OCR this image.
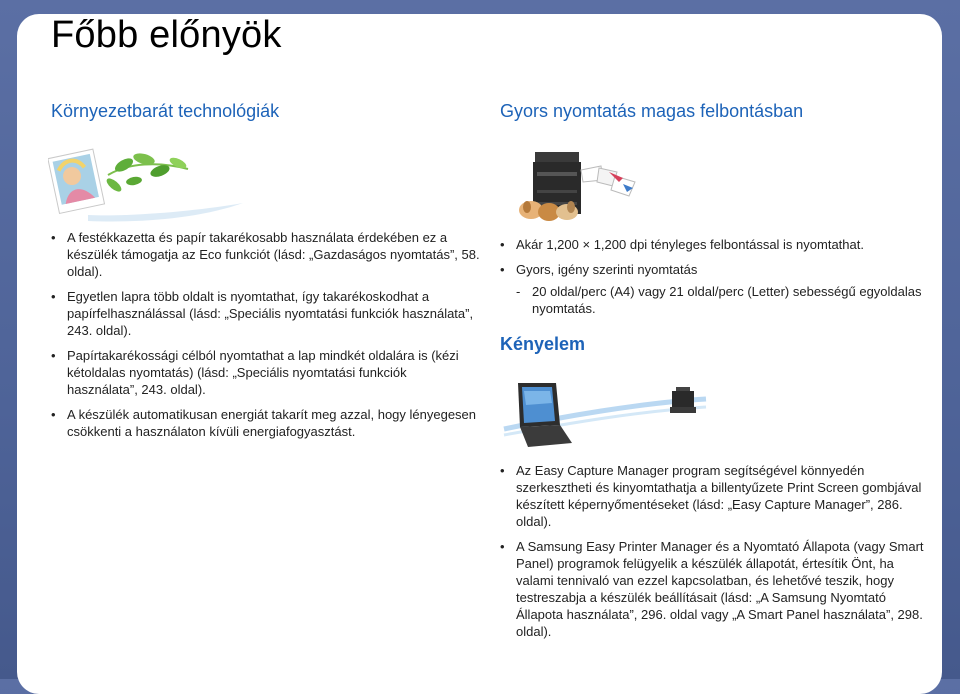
Főbb előnyök
Környezetbarát technológiák
• A festékkazetta és papír takarékosabb használata érdekében ez a készülék támogatja az Eco funkciót (lásd: „Gazdaságos nyomtatás”, 58. oldal).
• Egyetlen lapra több oldalt is nyomtathat, így takarékoskodhat a papírfelhasználással (lásd: „Speciális nyomtatási funkciók használata”, 243. oldal).
• Papírtakarékossági célból nyomtathat a lap mindkét oldalára is (kézi kétoldalas nyomtatás) (lásd: „Speciális nyomtatási funkciók használata”, 243. oldal).
• A készülék automatikusan energiát takarít meg azzal, hogy lényegesen csökkenti a használaton kívüli energiafogyasztást.
Gyors nyomtatás magas felbontásban
• Akár 1,200 × 1,200 dpi tényleges felbontással is nyomtathat.
• Gyors, igény szerinti nyomtatás
- 20 oldal/perc (A4) vagy 21 oldal/perc (Letter) sebességű egyoldalas nyomtatás.
Kényelem
• Az Easy Capture Manager program segítségével könnyedén szerkesztheti és kinyomtathatja a billentyűzete Print Screen gombjával készített képernyőmentéseket (lásd: „Easy Capture Manager”, 286. oldal).
• A Samsung Easy Printer Manager és a Nyomtató Állapota (vagy Smart Panel) programok felügyelik a készülék állapotát, értesítik Önt, ha valami tennivaló van ezzel kapcsolatban, és lehetővé teszik, hogy testreszabja a készülék beállításait (lásd: „A Samsung Nyomtató Állapota használata”, 296. oldal vagy „A Smart Panel használata”, 298. oldal).
